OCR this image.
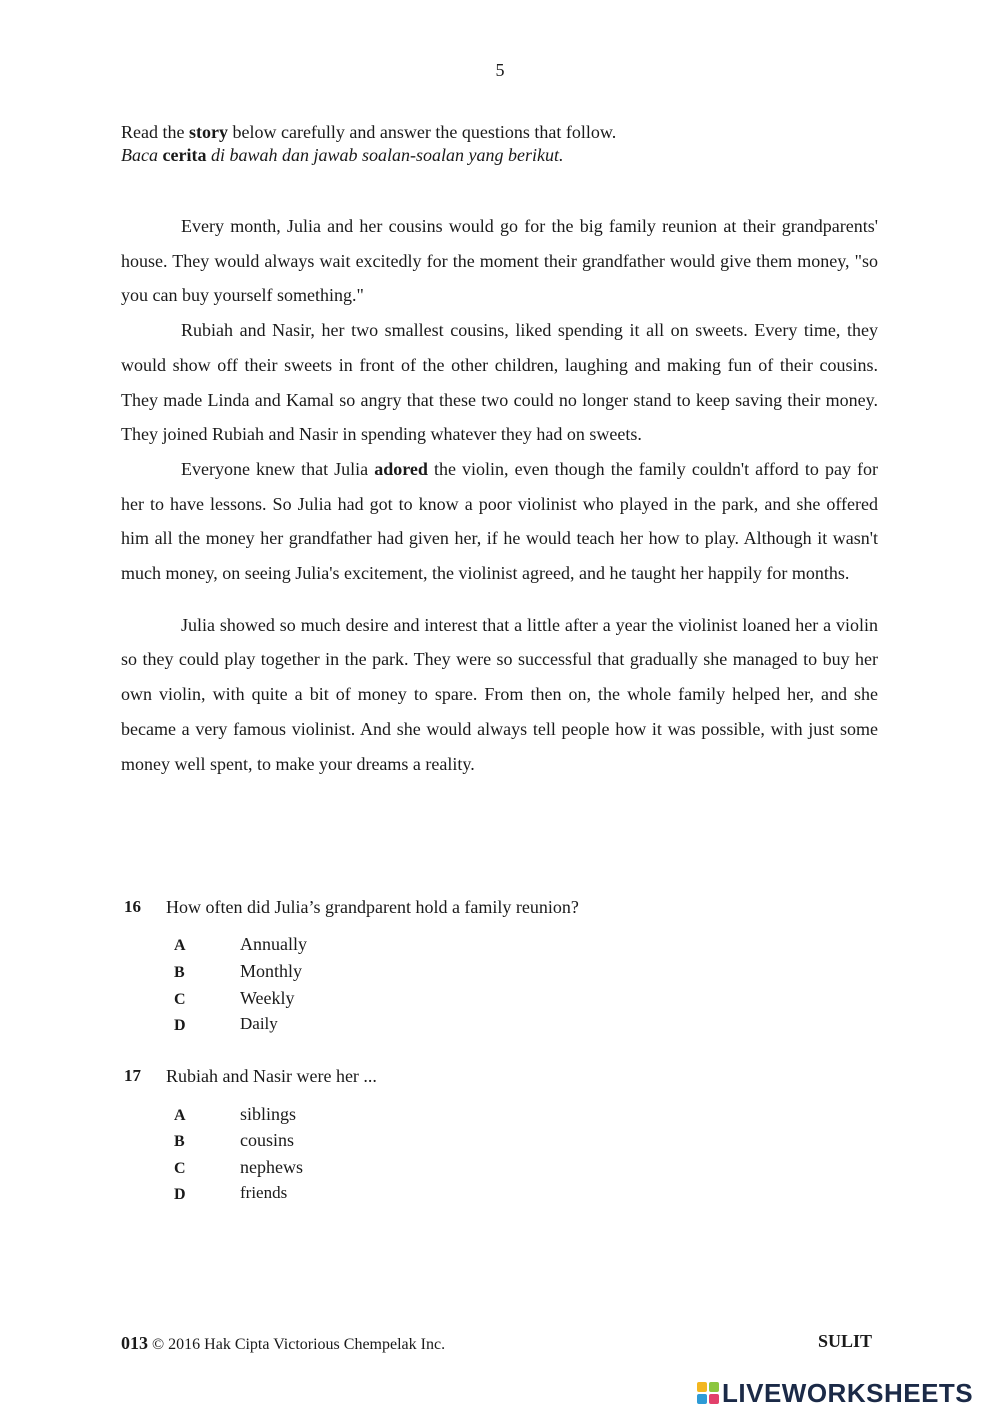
5
Read the story below carefully and answer the questions that follow.
Baca cerita di bawah dan jawab soalan-soalan yang berikut.

Every month, Julia and her cousins would go for the big family reunion at their grandparents' house. They would always wait excitedly for the moment their grandfather would give them money, "so you can buy yourself something."

Rubiah and Nasir, her two smallest cousins, liked spending it all on sweets. Every time, they would show off their sweets in front of the other children, laughing and making fun of their cousins. They made Linda and Kamal so angry that these two could no longer stand to keep saving their money. They joined Rubiah and Nasir in spending whatever they had on sweets.

Everyone knew that Julia adored the violin, even though the family couldn't afford to pay for her to have lessons. So Julia had got to know a poor violinist who played in the park, and she offered him all the money her grandfather had given her, if he would teach her how to play. Although it wasn't much money, on seeing Julia's excitement, the violinist agreed, and he taught her happily for months.

Julia showed so much desire and interest that a little after a year the violinist loaned her a violin so they could play together in the park. They were so successful that gradually she managed to buy her own violin, with quite a bit of money to spare. From then on, the whole family helped her, and she became a very famous violinist. And she would always tell people how it was possible, with just some money well spent, to make your dreams a reality.

16 How often did Julia’s grandparent hold a family reunion?
A	Annually
B	Monthly
C	Weekly
D	Daily
17 Rubiah and Nasir were her ...
A	siblings
B	cousins
C	nephews
D	friends
013 © 2016 Hak Cipta Victorious Chempelak Inc.	SULIT
LIVEWORKSHEETS
